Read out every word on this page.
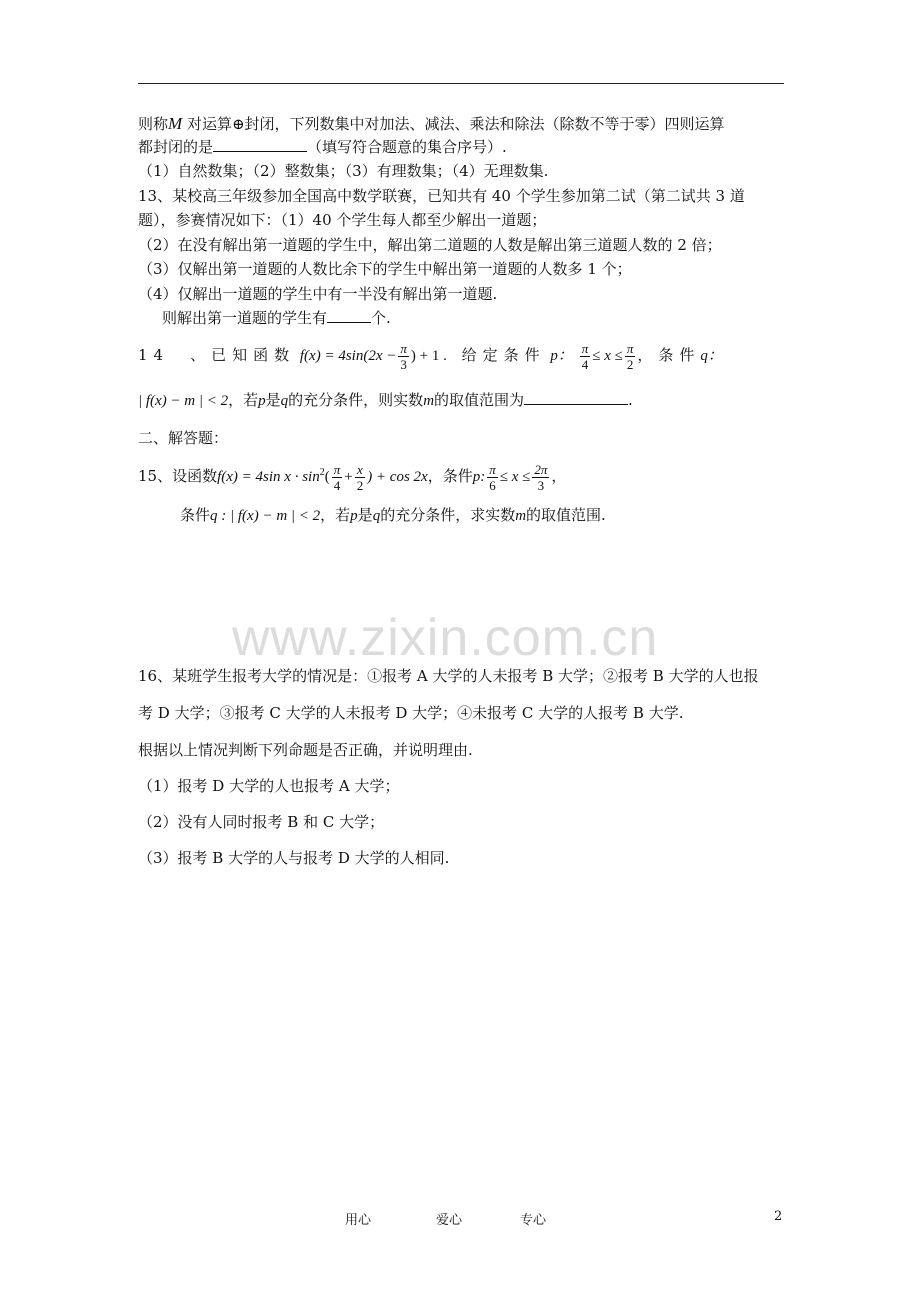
www.zixin.com.cn
则称M 对运算⊕封闭，下列数集中对加法、减法、乘法和除法（除数不等于零）四则运算
都封闭的是	（填写符合题意的集合序号）.
（1）自然数集；（2）整数集；（3）有理数集；（4）无理数集.
13、某校高三年级参加全国高中数学联赛，已知共有 40 个学生参加第二试（第二试共 3 道
题），参赛情况如下：（1）40 个学生每人都至少解出一道题；
（2）在没有解出第一道题的学生中，解出第二道题的人数是解出第三道题人数的 2 倍；
（3）仅解出第一道题的人数比余下的学生中解出第一道题的人数多 1 个；
（4）仅解出一道题的学生中有一半没有解出第一道题.
则解出第一道题的学生有	个.
14　、已知函数 $f(x) = 4\sin(2x - \frac{\pi}{3}$ ) + 1 . 给定条件 p： $\frac{\pi}{4} \le x \le \frac{\pi}{2}$ ，条件q：
| f(x) − m | < 2，若p是q的充分条件，则实数m的取值范围为	.
二、解答题：
15、设函数f(x) = 4sin $x \cdot \sin^2( \frac{\pi}{4} + \frac{x}{2}$ ) + cos 2x，条件p: $\frac{\pi}{6} \le x \le \frac{2\pi}{3}$ ，
条件q : | f(x) − m | < 2，若p是q的充分条件，求实数m的取值范围.
16、某班学生报考大学的情况是：①报考 A 大学的人未报考 B 大学；②报考 B 大学的人也报
考 D 大学；③报考 C 大学的人未报考 D 大学；④未报考 C 大学的人报考 B 大学.
根据以上情况判断下列命题是否正确，并说明理由.
（1）报考 D 大学的人也报考 A 大学；
（2）没有人同时报考 B 和 C 大学；
（3）报考 B 大学的人与报考 D 大学的人相同.
用心	爱心	专心	2
